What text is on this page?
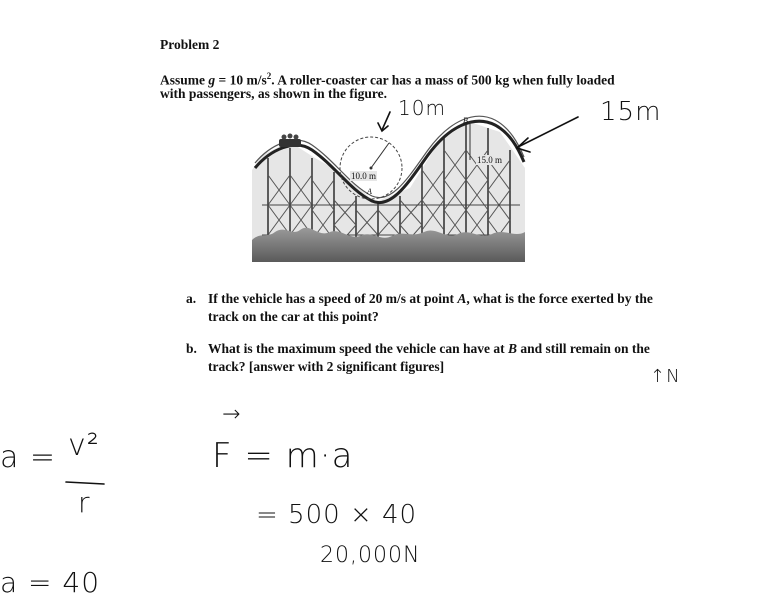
Problem 2
Assume g = 10 $m/s^2$. A roller-coaster car has a mass of 500 kg when fully loaded
with passengers, as shown in the figure.
B
A
10.0 m
15.0 m
a. If the vehicle has a speed of 20 m/s at point A, what is the force exerted by the
track on the car at this point?
b. What is the maximum speed the vehicle can have at B and still remain on the
track? [answer with 2 significant figures]
10m	15m
↑N
a = v²
r
→
F = m·a
= 500 × 40
20,000N
a = 40
